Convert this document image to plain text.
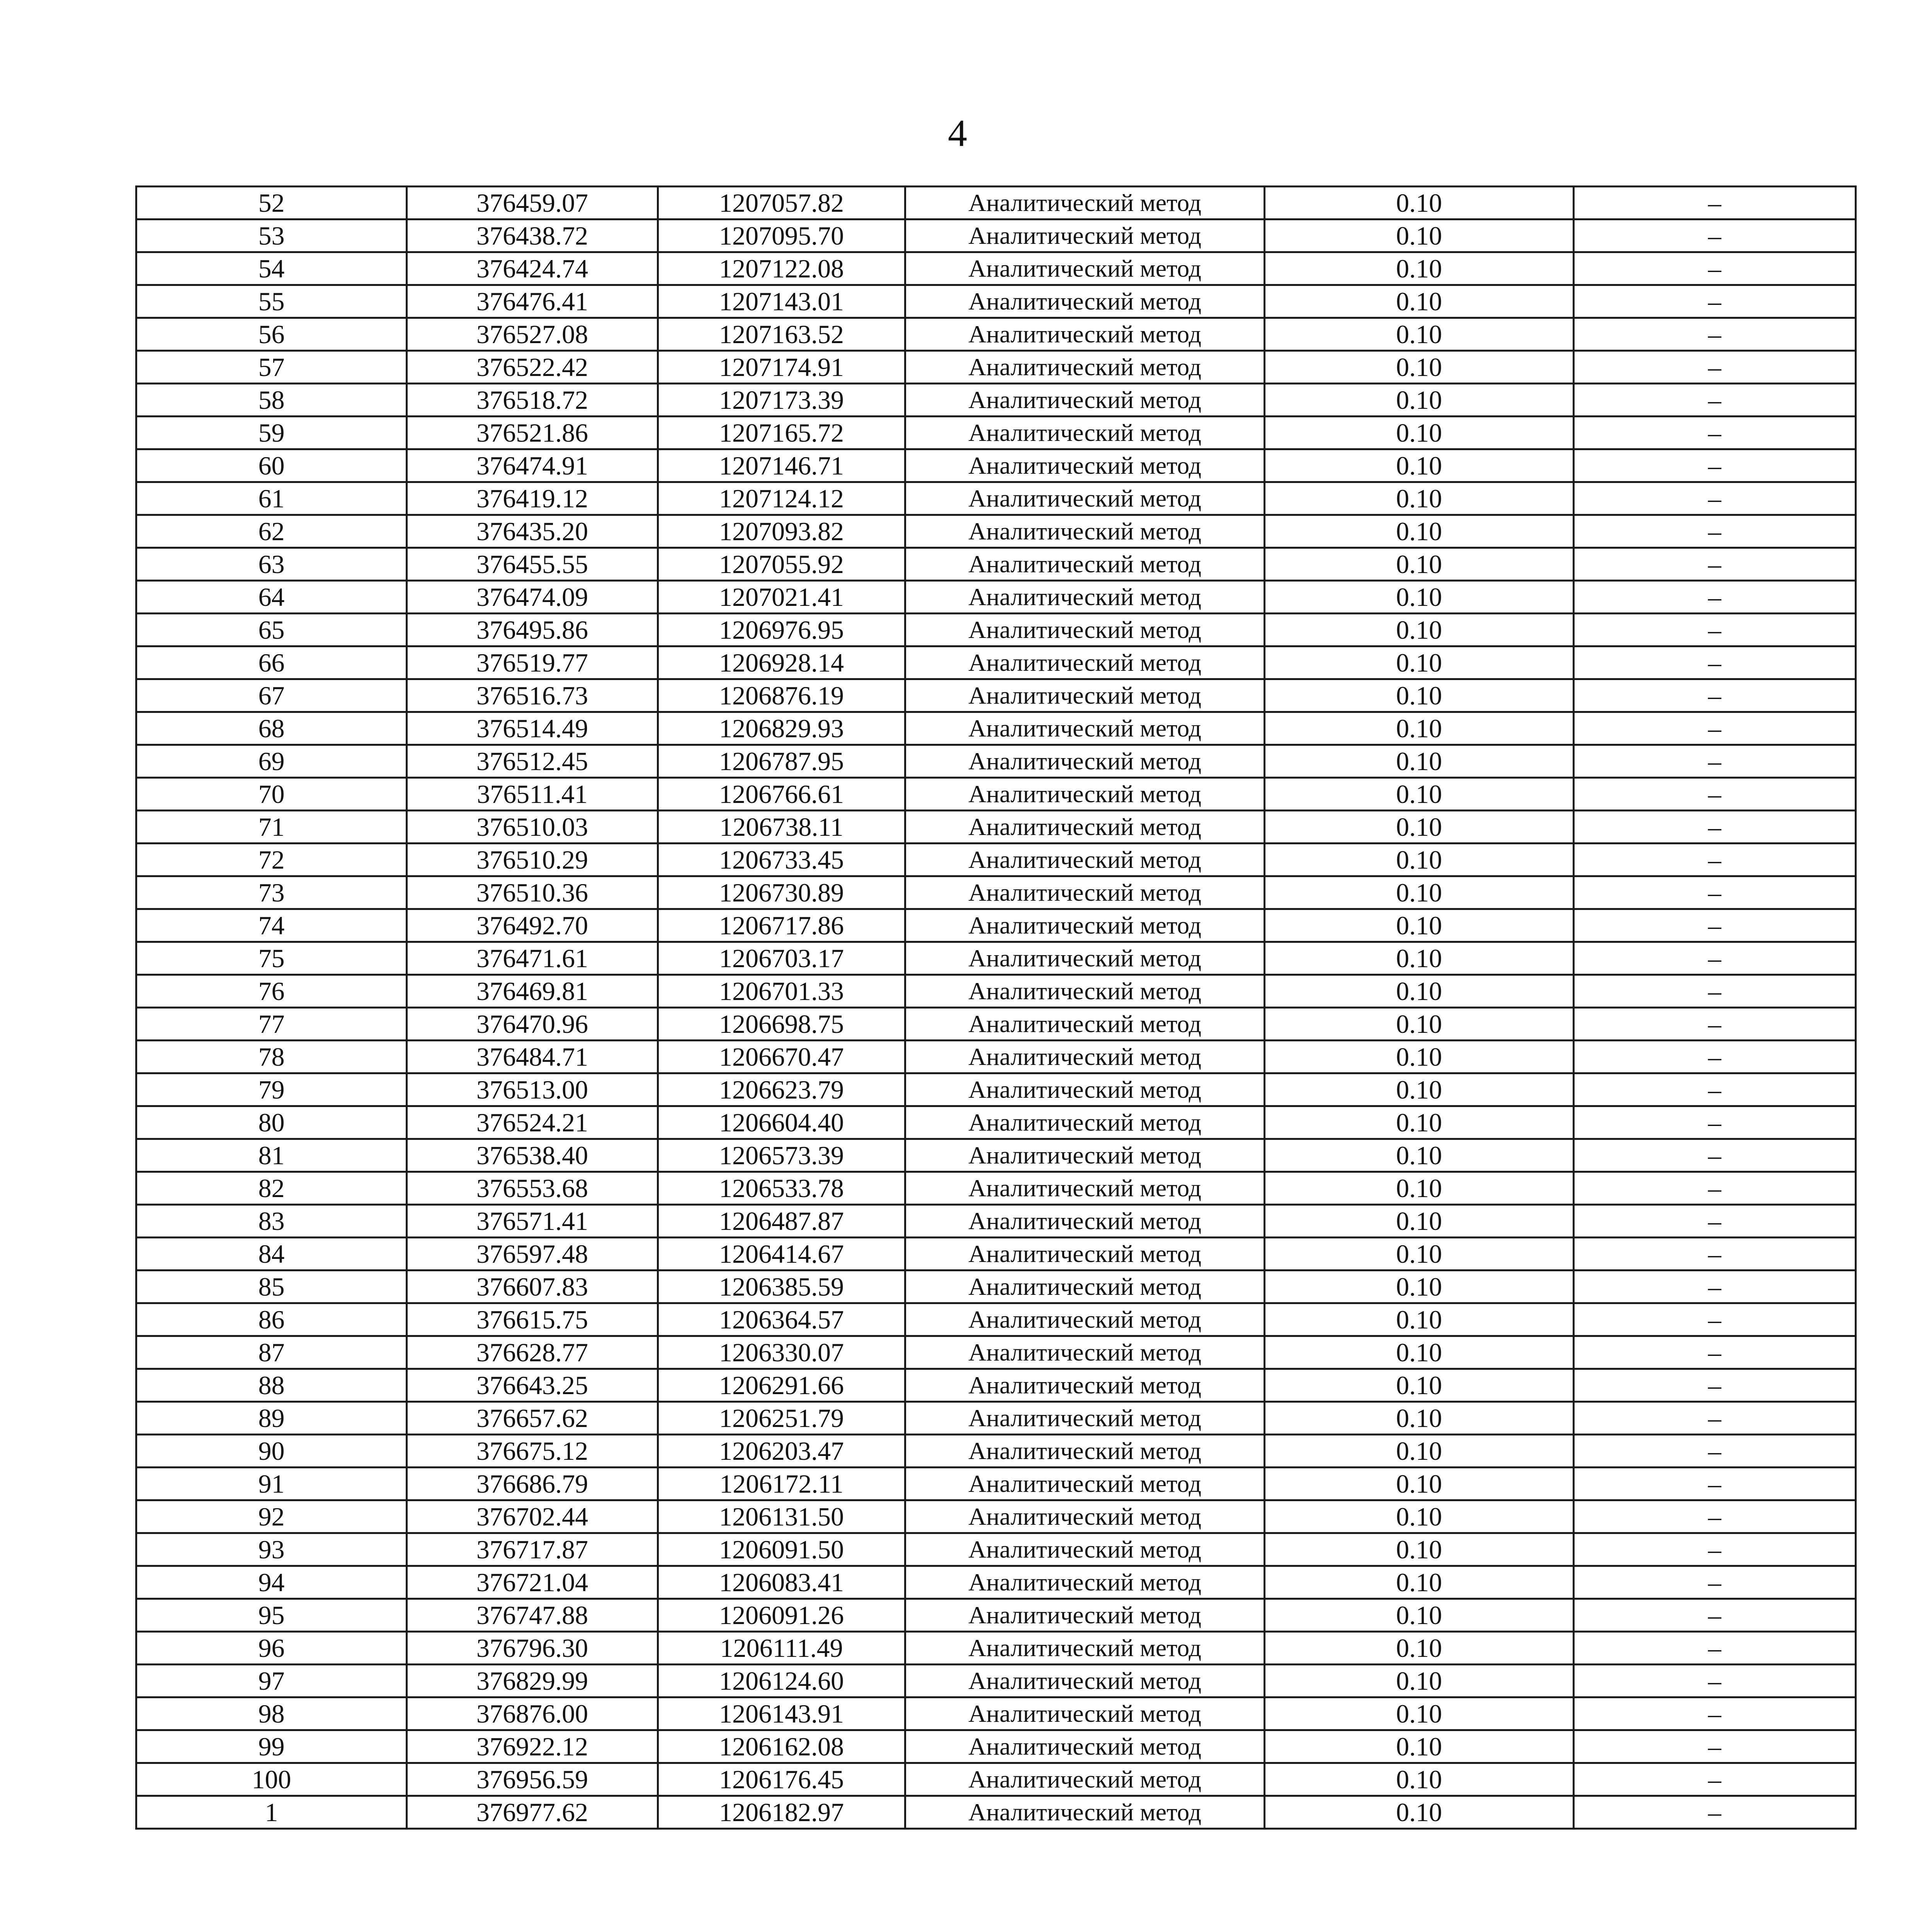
4
52	376459.07	1207057.82	Аналитический метод	0.10	–
53	376438.72	1207095.70	Аналитический метод	0.10	–
54	376424.74	1207122.08	Аналитический метод	0.10	–
55	376476.41	1207143.01	Аналитический метод	0.10	–
56	376527.08	1207163.52	Аналитический метод	0.10	–
57	376522.42	1207174.91	Аналитический метод	0.10	–
58	376518.72	1207173.39	Аналитический метод	0.10	–
59	376521.86	1207165.72	Аналитический метод	0.10	–
60	376474.91	1207146.71	Аналитический метод	0.10	–
61	376419.12	1207124.12	Аналитический метод	0.10	–
62	376435.20	1207093.82	Аналитический метод	0.10	–
63	376455.55	1207055.92	Аналитический метод	0.10	–
64	376474.09	1207021.41	Аналитический метод	0.10	–
65	376495.86	1206976.95	Аналитический метод	0.10	–
66	376519.77	1206928.14	Аналитический метод	0.10	–
67	376516.73	1206876.19	Аналитический метод	0.10	–
68	376514.49	1206829.93	Аналитический метод	0.10	–
69	376512.45	1206787.95	Аналитический метод	0.10	–
70	376511.41	1206766.61	Аналитический метод	0.10	–
71	376510.03	1206738.11	Аналитический метод	0.10	–
72	376510.29	1206733.45	Аналитический метод	0.10	–
73	376510.36	1206730.89	Аналитический метод	0.10	–
74	376492.70	1206717.86	Аналитический метод	0.10	–
75	376471.61	1206703.17	Аналитический метод	0.10	–
76	376469.81	1206701.33	Аналитический метод	0.10	–
77	376470.96	1206698.75	Аналитический метод	0.10	–
78	376484.71	1206670.47	Аналитический метод	0.10	–
79	376513.00	1206623.79	Аналитический метод	0.10	–
80	376524.21	1206604.40	Аналитический метод	0.10	–
81	376538.40	1206573.39	Аналитический метод	0.10	–
82	376553.68	1206533.78	Аналитический метод	0.10	–
83	376571.41	1206487.87	Аналитический метод	0.10	–
84	376597.48	1206414.67	Аналитический метод	0.10	–
85	376607.83	1206385.59	Аналитический метод	0.10	–
86	376615.75	1206364.57	Аналитический метод	0.10	–
87	376628.77	1206330.07	Аналитический метод	0.10	–
88	376643.25	1206291.66	Аналитический метод	0.10	–
89	376657.62	1206251.79	Аналитический метод	0.10	–
90	376675.12	1206203.47	Аналитический метод	0.10	–
91	376686.79	1206172.11	Аналитический метод	0.10	–
92	376702.44	1206131.50	Аналитический метод	0.10	–
93	376717.87	1206091.50	Аналитический метод	0.10	–
94	376721.04	1206083.41	Аналитический метод	0.10	–
95	376747.88	1206091.26	Аналитический метод	0.10	–
96	376796.30	1206111.49	Аналитический метод	0.10	–
97	376829.99	1206124.60	Аналитический метод	0.10	–
98	376876.00	1206143.91	Аналитический метод	0.10	–
99	376922.12	1206162.08	Аналитический метод	0.10	–
100	376956.59	1206176.45	Аналитический метод	0.10	–
1	376977.62	1206182.97	Аналитический метод	0.10	–
